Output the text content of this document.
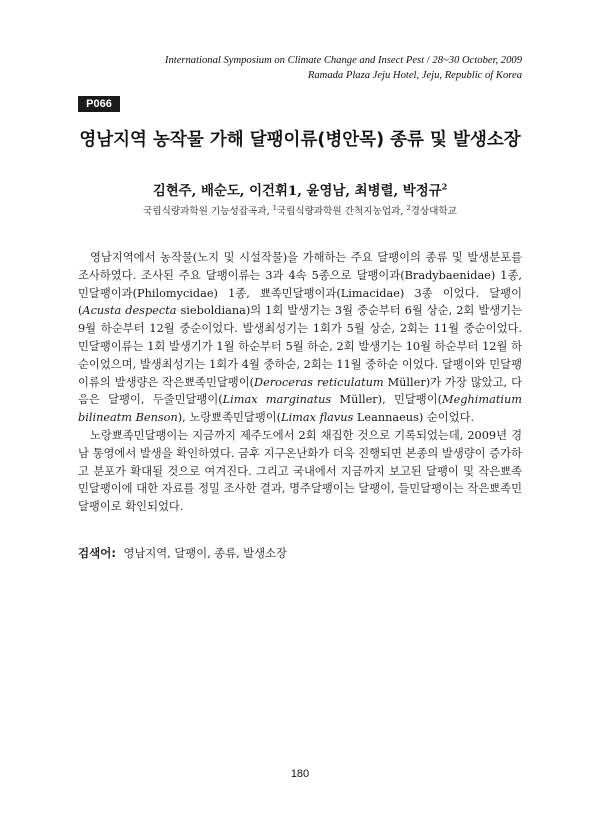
International Symposium on Climate Change and Insect Pest / 28~30 October, 2009
Ramada Plaza Jeju Hotel, Jeju, Republic of Korea
P066
영남지역 농작물 가해 달팽이류(병안목) 종류 및 발생소장
김현주, 배순도, 이건휘1, 윤영남, 최병렬, 박정규$^2$
국립식량과학원 기능성잡곡과, $^1$국립식량과학원 간척지농업과, $^2$경상대학교

영남지역에서 농작물(노지 및 시설작물)을 가해하는 주요 달팽이의 종류 및 발생분포를 조사하였다. 조사된 주요 달팽이류는 3과 4속 5종으로 달팽이과(Bradybaenidae) 1종, 민달팽이과(Philomycidae) 1종, 뾰족민달팽이과(Limacidae) 3종 이었다. 달팽이(Acusta despecta sieboldiana)의 1회 발생기는 3월 중순부터 6월 상순, 2회 발생기는 9월 하순부터 12월 중순이었다. 발생최성기는 1회가 5월 상순, 2회는 11월 중순이었다. 민달팽이류는 1회 발생기가 1월 하순부터 5월 하순, 2회 발생기는 10월 하순부터 12월 하순이었으며, 발생최성기는 1회가 4월 중하순, 2회는 11월 중하순 이었다. 달팽이와 민달팽이류의 발생량은 작은뾰족민달팽이(Deroceras reticulatum Müller)가 가장 많았고, 다음은 달팽이, 두줄민달팽이(Limax marginatus Müller), 민달팽이(Meghimatium bilineatm Benson), 노랑뾰족민달팽이(Limax flavus Leannaeus) 순이었다.

노랑뾰족민달팽이는 지금까지 제주도에서 2회 채집한 것으로 기록되었는데, 2009년 경남 통영에서 발생을 확인하였다. 금후 지구온난화가 더욱 진행되면 본종의 발생량이 증가하고 분포가 확대될 것으로 여겨진다. 그리고 국내에서 지금까지 보고된 달팽이 및 작은뾰족민달팽이에 대한 자료를 정밀 조사한 결과, 명주달팽이는 달팽이, 들민달팽이는 작은뾰족민달팽이로 확인되었다.

검색어: 영남지역, 달팽이, 종류, 발생소장
180
